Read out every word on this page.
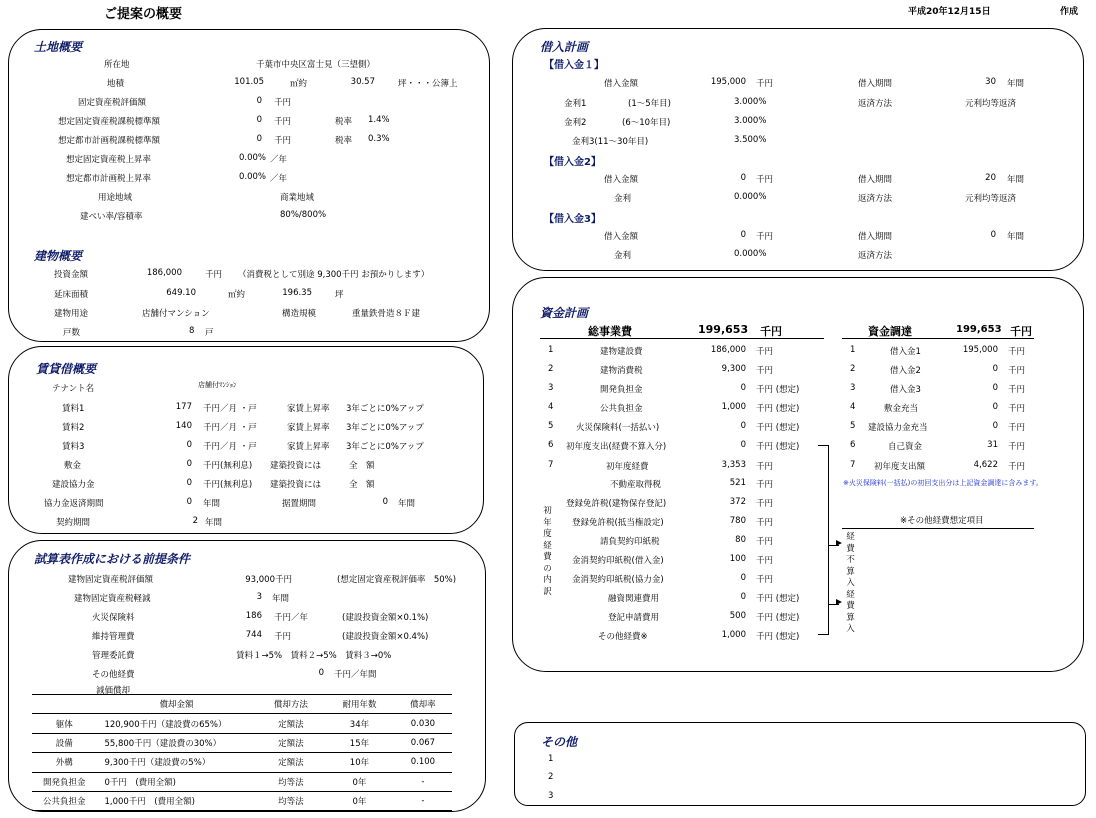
ご提案の概要	平成20年12月15日	作成
土地概要
所在地	千葉市中央区富士見（三望側）
地積	101.05	㎡約	30.57	坪・・・公簿上
固定資産税評価額	0 千円
想定固定資産税課税標準額	0 千円	税率 1.4%
想定都市計画税課税標準額	0 千円	税率 0.3%
想定固定資産税上昇率	0.00% ／年
想定都市計画税上昇率	0.00% ／年
用途地域	商業地域
建ぺい率/容積率	80%/800%
建物概要
投資金額	186,000	千円 （消費税として別途 9,300千円 お預かりします）
延床面積	649.10	㎡約	196.35	坪
建物用途	店舗付マンション	構造規模	重量鉄骨造８Ｆ建
戸数	8 戸
賃貸借概要
テナント名	店舗付ﾏﾝｼｮﾝ
賃料1	177 千円／月 ・戸	家賃上昇率 3年ごとに0%アップ
賃料2	140 千円／月 ・戸	家賃上昇率 3年ごとに0%アップ
賃料3	0 千円／月 ・戸	家賃上昇率 3年ごとに0%アップ
敷金	0 千円(無利息) 建築投資には	全　額
建設協力金	0 千円(無利息) 建築投資には	全　額
協力金返済期間	0 年間	据置期間	0 年間
契約期間	2 年間
試算表作成における前提条件
建物固定資産税評価額	93,000千円	(想定固定資産税評価率　50%)
建物固定資産税軽減	3 年間
火災保険料	186 千円／年	(建設投資金額×0.1%)
維持管理費	744 千円	(建設投資金額×0.4%)
管理委託費	賃料１→5%　賃料２→5%　賃料３→0%
その他経費	0 千円／年間
減価償却
	償却金額	償却方法	耐用年数	償却率
躯体	120,900千円（建設費の65%）	定額法	34年	0.030
設備	55,800千円（建設費の30%）	定額法	15年	0.067
外構	9,300千円（建設費の5%）	定額法	10年	0.100
開発負担金	0千円　(費用全額)	均等法	0年	-
公共負担金	1,000千円　(費用全額)	均等法	0年	-
借入計画
【借入金１】
借入金額	195,000 千円	借入期間	30 年間
金利1	(1～5年目)	3.000%	返済方法	元利均等返済
金利2	(6～10年目)	3.000%
金利3(11～30年目)	3.500%
【借入金2】
借入金額	0 千円	借入期間	20 年間
金利	0.000%	返済方法	元利均等返済
【借入金3】
借入金額	0 千円	借入期間	0 年間
金利	0.000%	返済方法
資金計画
総事業費	199,653 千円	資金調達	199,653 千円
1	建物建設費	186,000 千円
2	建物消費税	9,300 千円
3	開発負担金	0 千円 (想定)
4	公共負担金	1,000 千円 (想定)
5	火災保険料(一括払い)	0 千円 (想定)
6 初年度支出(経費不算入分)	0 千円 (想定)
7	初年度経費	3,353 千円
初年度経費の内訳
不動産取得税	521 千円
登録免許税(建物保存登記)	372 千円
登録免許税(抵当権設定)	780 千円
請負契約印紙税	80 千円
金消契約印紙税(借入金)	100 千円
金消契約印紙税(協力金)	0 千円
融資関連費用	0 千円 (想定)
登記申請費用	500 千円 (想定)
その他経費※	1,000 千円 (想定)
経費不算入経費算入
1	借入金1	195,000 千円
2	借入金2	0 千円
3	借入金3	0 千円
4	敷金充当	0 千円
5 建設協力金充当	0 千円
6	自己資金	31 千円
7 初年度支出額	4,622 千円
※火災保険料(一括払)の初回支出分は上記資金調達に含みます。
※その他経費想定項目
その他
1
2
3
